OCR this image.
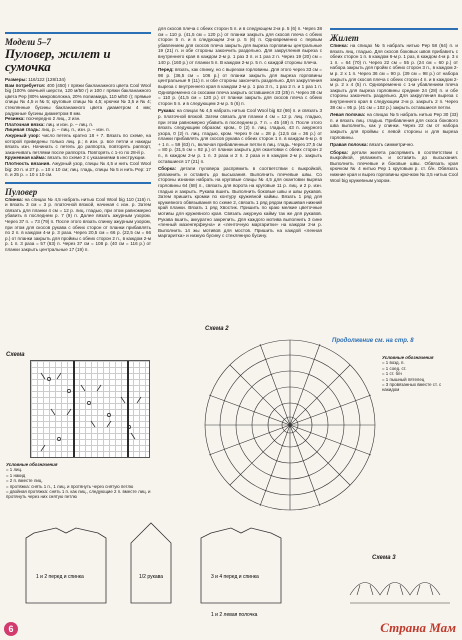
Модели 5–7
Пуловер, жилет и сумочка
Размеры: 116/122 (128/134)
Вам потребуется: 400 (450) г пряжи бакланажного цвета Cool Wool big (100% овечьей шерсти, 120 м/50 г) и 100 г пряжи бакланажного цвета Pep (80% микроволокна, 20% полиамида, 110 м/50 г); прямые спицы № 4,5 и № 5; круговые спицы № 4,5; крючки № 3,5 и № 4; стеклянные бусины бакланажного цвета диаметром 4 мм; радужные бусины диаметром 8 мм.
Резинка: поочередно 2 лиц., 2 изн.
Платочная вязка: лиц. и изн. р. – лиц. п.
Лицевая гладь: лиц. р. – лиц. п., изн. р. – изн. п.
Ажурный узор: число петель кратно 18 + 7. Вязать по схеме, на которой приведены только лиц. р.; в изн. р. все петли и накиды вязать изн. Начинать с петель до раппорта, повторять раппорт, заканчивать петлями после раппорта. Повторять с 1-го по 28-й р.
Кружевная кайма: вязать по схеме 2 с указаниями в инструкции.
Плотность вязания. Ажурный узор, спицы № 4,5 и нить Cool Wool big: 20 п. и 27 р. = 10 х 10 см; лиц. гладь, спицы № 5 и нить Pep: 17 п. и 25 р. = 10 х 10 см.
Пуловер
Спинка: на спицах № 4,5 набрать нитью Cool Wool big 110 (116) п. и вязать 3 см = 3 р. платочной вязкой, начиная с изн. р. Затем связать для планки 4 см = 12 р. лиц. гладью, при этом равномерно убавить в последнем р. 7 (9) п. Далее вязать ажурным узором. Через 37 п. = 73 (79) п. После этого вязать спинку ажурным узором, при этом для скосов рукава с обеих сторон от планки прибавлять по 2 п. в каждом 4-м р. 3 раза. Через 20,5 см = 66 р. (22,5 см = 66 р.) от планки закрыть для проймы с обеих сторон 2 п., в каждом 2-м р. 1 п. 3 раза = 57 (63) п. Через 37 см = 108 р. (40 см = 116 р.) от планки закрыть центральные 17 (19) п.
Схема
Условные обозначения
= 1 лиц.
= 1 накид
= 2 п. вместе лиц.
= протяжка: снять 1 п., 1 лиц. и протянуть через снятую петлю
= двойная протяжка: снять 1 п. как лиц., следующие 2 п. вместе лиц. и протянуть через них снятую петлю
1 и 2 перед и спинка	1/2 рукава	3 и 4 перед и спинка
1 и 2 левая полочка
для скосов плеча с обеих сторон 5 п. и в следующем 2-м р. 5 (6) п. Через 38 см = 110 р. (41,5 см = 120 р.) от планки закрыть для скосов плеча с обеих сторон 5 п. и в следующем 2-м р. 5 (6) п. Одновременно с первым убавлением для скосов плеча закрыть для выреза горловины центральные 19 (21) п. и обе стороны закончить раздельно. Для закругления выреза с внутреннего края в каждом 2-м р. 1 раз 3 п. и 1 раз 2 п. Через 19 (20) см = 140 р. (160 р.) от планки 5 п. В каждом 2-м р. 5 п. с каждой стороны плеча.
Перед: вязать, как спинку, но с вырезом горловины. Для этого через 33 см = 98 р. (36,5 см = 106 р.) от планки закрыть для выреза горловины центральные 9 (11) п. и обе стороны закончить раздельно. Для закругления выреза с внутреннего края в каждом 2-м р. 1 раз 3 п., 1 раз 2 п. и 1 раз 1 п. Одновременно со скосами плеча закрыть оставшиеся 23 (25) п. Через 38 см = 110 р. (41,5 см = 120 р.) от планки закрыть для скосов плеча с обеих сторон 5 п. и в следующем 2-м р. 5 (6) п.
Рукава: на спицах № 4,5 набрать нитью Cool Wool big 62 (66) п. и связать 3 р. платочной вязкой. Затем связать для планки 4 см = 12 р. лиц. гладью, при этом равномерно убавить в последнем р. 7 п. = 45 (49) п. После этого вязать следующим образом: кром., 0 (2) п. лиц. гладью, 43 п. ажурного узора, 0 (2) п. лиц. гладью, кром. Через 9 см = 28 р. (12,5 см = 36 р.) от планки прибавлять для скосов рукава с обеих сторон 1 п. в каждом 6-м р. 6 + 1 п. = 59 (63) п., включая прибавленные петли в лиц. гладь. Через 27,5 см = 80 р. (31,5 см = 92 р.) от планки закрыть для окантовки с обеих сторон 2 п., в каждом 2-м р. 1 п. 3 раза и 2 п. 2 раза и в каждом 2-м р. закрыть оставшиеся 17 (21) п.
Сборка: детали пуловера распрямить в соответствии с выкройкой, увлажнить и оставить до высыхания. Выполнить плечевые швы. Со стороны изнанки набрать на круговые спицы № 4,5 для окантовки выреза горловины 64 (68) п., связать для ворота на круговые 11 р. лиц. и 2 р. изн. гладью и закрыть. Рукава вшить. Выполнить боковые швы и швы рукавов. Затем пришить кромки по контуру кружевной каймы. Вязать 1 ряд для кружевного обвязывания по схеме 2, связать 1 ряд рядом пришивая нижний край планки. Вязать 1 ряд Хвостик. Пришить по краю мелкие цветочные мотивы для кружевного края. Связать ажурную кайму так же для рукавов. Рукава вшить, аккуратно закрепить. Для каждого мотива выполнить 3 сине «пенный мазенгерфеуна» и «ленточную маргаритки» на каждом 2-м р. Выполнить 14 жы мотивов для мостов. Пришить на каждой «ленная маргаритка» и низкую бусину с стеклянную бусину.
Схема 2
Жилет
Спинка: на спицах № 5 набрать нитью Pep 58 (64) п. и вязать лиц. гладью. Для скосов боковых швов прибавить с обеих сторон 1 п. в каждом 6-м р. 1 раз, в каждом 4-м р. 3 х 1 п. = 64 (70) п. Через 22 см = 55 р. (24 см = 60 р.) от набора закрыть для пройм с обеих сторон 3 п., в каждом 2-м р. 2 х 1 п. Через 36 см = 90 р. (39 см = 98 р.) от набора закрыть для скосов плеча с обеих сторон 4 п. и в каждом 2-м р. 2 х 4 (5) п. Одновременно с 1-м убавлением плеча закрыть для выреза горловины средние 24 (28) п. и обе стороны закончить раздельно. Для закругления выреза с внутреннего края в следующем 2-м р. закрыть 2 п. Через 38 см = 95 р. (41 см = 102 р.) закрыть оставшиеся петли.
Левая полочка: на спицах № 5 набрать нитью Pep 30 (33) п. и вязать лиц. гладью. Прибавления для скоса бокового шва выполнить, как у спинки. Через 22 см от набора закрыть для проймы с левой стороны и для выреза горловины.
Правая полочка: вязать симметрично.
Сборка: детали жилета распрямить в соответствии с выкройкой, увлажнить и оставить до высыхания. Выполнить плечевые и боковые швы. Обвязать края крючком № 4 нитью Pep 1 круговым р. ст. б/н. Обвязать нижние края и вырез горловины крючком № 3,5 нитью Cool Wool big кружевным узором.
Продолжение см. на стр. 8
Условные обозначения
= 1 возд. п.
= 1 соед. ст.
= 1 ст. б/н
= 1 пышный пятелец
= 3 провязанных вместе ст. с накидом
Схема 3
6	Страна Мам
